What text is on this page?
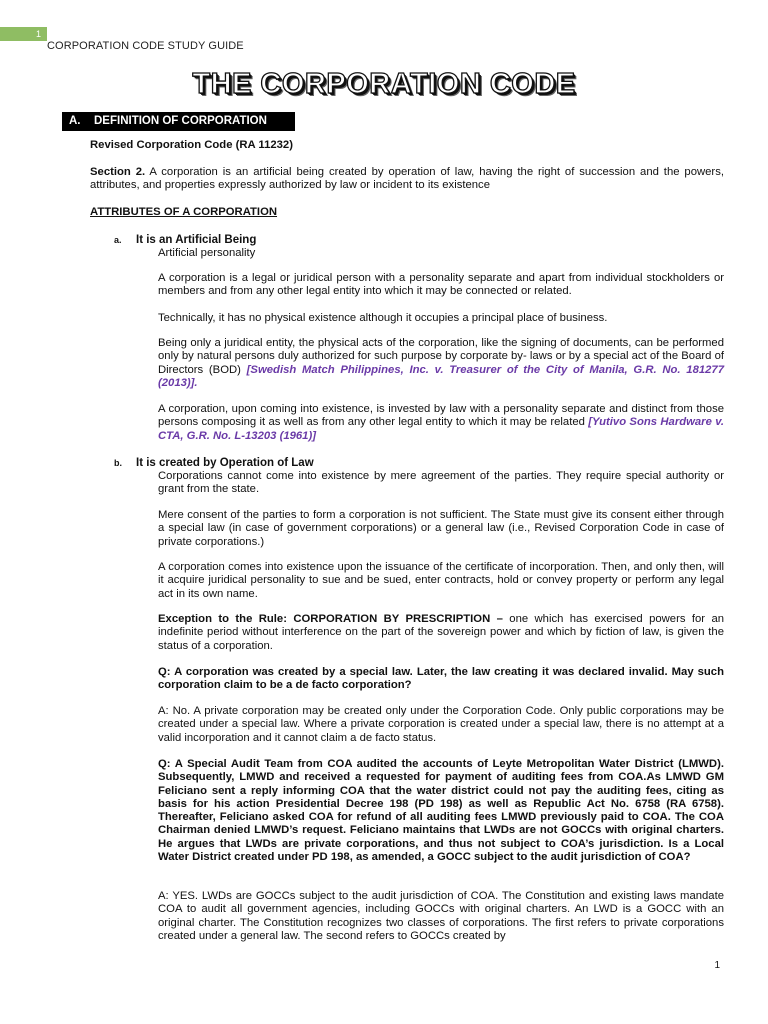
1
CORPORATION CODE STUDY GUIDE
THE CORPORATION CODE
A. DEFINITION OF CORPORATION
Revised Corporation Code (RA 11232)

Section 2. A corporation is an artificial being created by operation of law, having the right of succession and the powers, attributes, and properties expressly authorized by law or incident to its existence

ATTRIBUTES OF A CORPORATION
a. It is an Artificial Being
Artificial personality

A corporation is a legal or juridical person with a personality separate and apart from individual stockholders or members and from any other legal entity into which it may be connected or related.

Technically, it has no physical existence although it occupies a principal place of business.

Being only a juridical entity, the physical acts of the corporation, like the signing of documents, can be performed only by natural persons duly authorized for such purpose by corporate by- laws or by a special act of the Board of Directors (BOD) [Swedish Match Philippines, Inc. v. Treasurer of the City of Manila, G.R. No. 181277 (2013)].

A corporation, upon coming into existence, is invested by law with a personality separate and distinct from those persons composing it as well as from any other legal entity to which it may be related [Yutivo Sons Hardware v. CTA, G.R. No. L-13203 (1961)]

b. It is created by Operation of Law

Corporations cannot come into existence by mere agreement of the parties. They require special authority or grant from the state.

Mere consent of the parties to form a corporation is not sufficient. The State must give its consent either through a special law (in case of government corporations) or a general law (i.e., Revised Corporation Code in case of private corporations.)

A corporation comes into existence upon the issuance of the certificate of incorporation. Then, and only then, will it acquire juridical personality to sue and be sued, enter contracts, hold or convey property or perform any legal act in its own name.

Exception to the Rule: CORPORATION BY PRESCRIPTION – one which has exercised powers for an indefinite period without interference on the part of the sovereign power and which by fiction of law, is given the status of a corporation.

Q: A corporation was created by a special law. Later, the law creating it was declared invalid. May such corporation claim to be a de facto corporation?

A: No. A private corporation may be created only under the Corporation Code. Only public corporations may be created under a special law. Where a private corporation is created under a special law, there is no attempt at a valid incorporation and it cannot claim a de facto status.

Q: A Special Audit Team from COA audited the accounts of Leyte Metropolitan Water District (LMWD). Subsequently, LMWD and received a requested for payment of auditing fees from COA.As LMWD GM Feliciano sent a reply informing COA that the water district could not pay the auditing fees, citing as basis for his action Presidential Decree 198 (PD 198) as well as Republic Act No. 6758 (RA 6758). Thereafter, Feliciano asked COA for refund of all auditing fees LMWD previously paid to COA. The COA Chairman denied LMWD’s request. Feliciano maintains that LWDs are not GOCCs with original charters. He argues that LWDs are private corporations, and thus not subject to COA’s jurisdiction. Is a Local Water District created under PD 198, as amended, a GOCC subject to the audit jurisdiction of COA?

A: YES. LWDs are GOCCs subject to the audit jurisdiction of COA. The Constitution and existing laws mandate COA to audit all government agencies, including GOCCs with original charters. An LWD is a GOCC with an original charter. The Constitution recognizes two classes of corporations. The first refers to private corporations created under a general law. The second refers to GOCCs created by

1
